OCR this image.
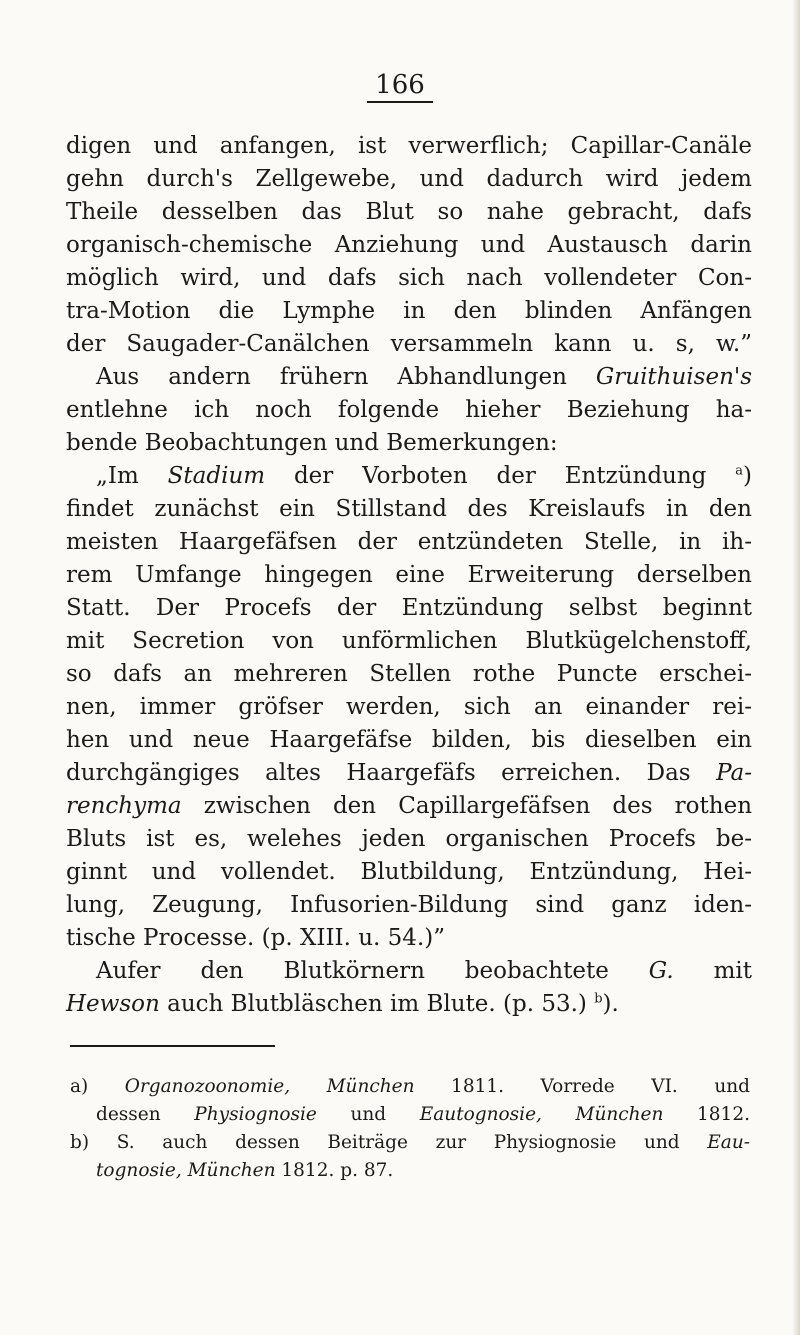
166
digen und anfangen, ist verwerflich; Capillar-Canäle
gehn durch's Zellgewebe, und dadurch wird jedem
Theile desselben das Blut so nahe gebracht, dafs
organisch-chemische Anziehung und Austausch darin
möglich wird, und dafs sich nach vollendeter Con-
tra-Motion die Lymphe in den blinden Anfängen
der Saugader-Canälchen versammeln kann u. s, w.”
Aus andern frühern Abhandlungen Gruithuisen's
entlehne ich noch folgende hieher Beziehung ha-
bende Beobachtungen und Bemerkungen:
„Im Stadium der Vorboten der Entzündung $^a$)
findet zunächst ein Stillstand des Kreislaufs in den
meisten Haargefäfsen der entzündeten Stelle, in ih-
rem Umfange hingegen eine Erweiterung derselben
Statt. Der Procefs der Entzündung selbst beginnt
mit Secretion von unförmlichen Blutkügelchenstoff,
so dafs an mehreren Stellen rothe Puncte erschei-
nen, immer gröfser werden, sich an einander rei-
hen und neue Haargefäfse bilden, bis dieselben ein
durchgängiges altes Haargefäfs erreichen. Das Pa-
renchyma zwischen den Capillargefäfsen des rothen
Bluts ist es, welehes jeden organischen Procefs be-
ginnt und vollendet. Blutbildung, Entzündung, Hei-
lung, Zeugung, Infusorien-Bildung sind ganz iden-
tische Processe. (p. XIII. u. 54.)”
Aufer den Blutkörnern beobachtete G. mit
Hewson auch Blutbläschen im Blute. (p. 53.) $^b$).
a) Organozoonomie, München 1811. Vorrede VI. und
dessen Physiognosie und Eautognosie, München 1812.
b) S. auch dessen Beiträge zur Physiognosie und Eau-
tognosie, München 1812. p. 87.
